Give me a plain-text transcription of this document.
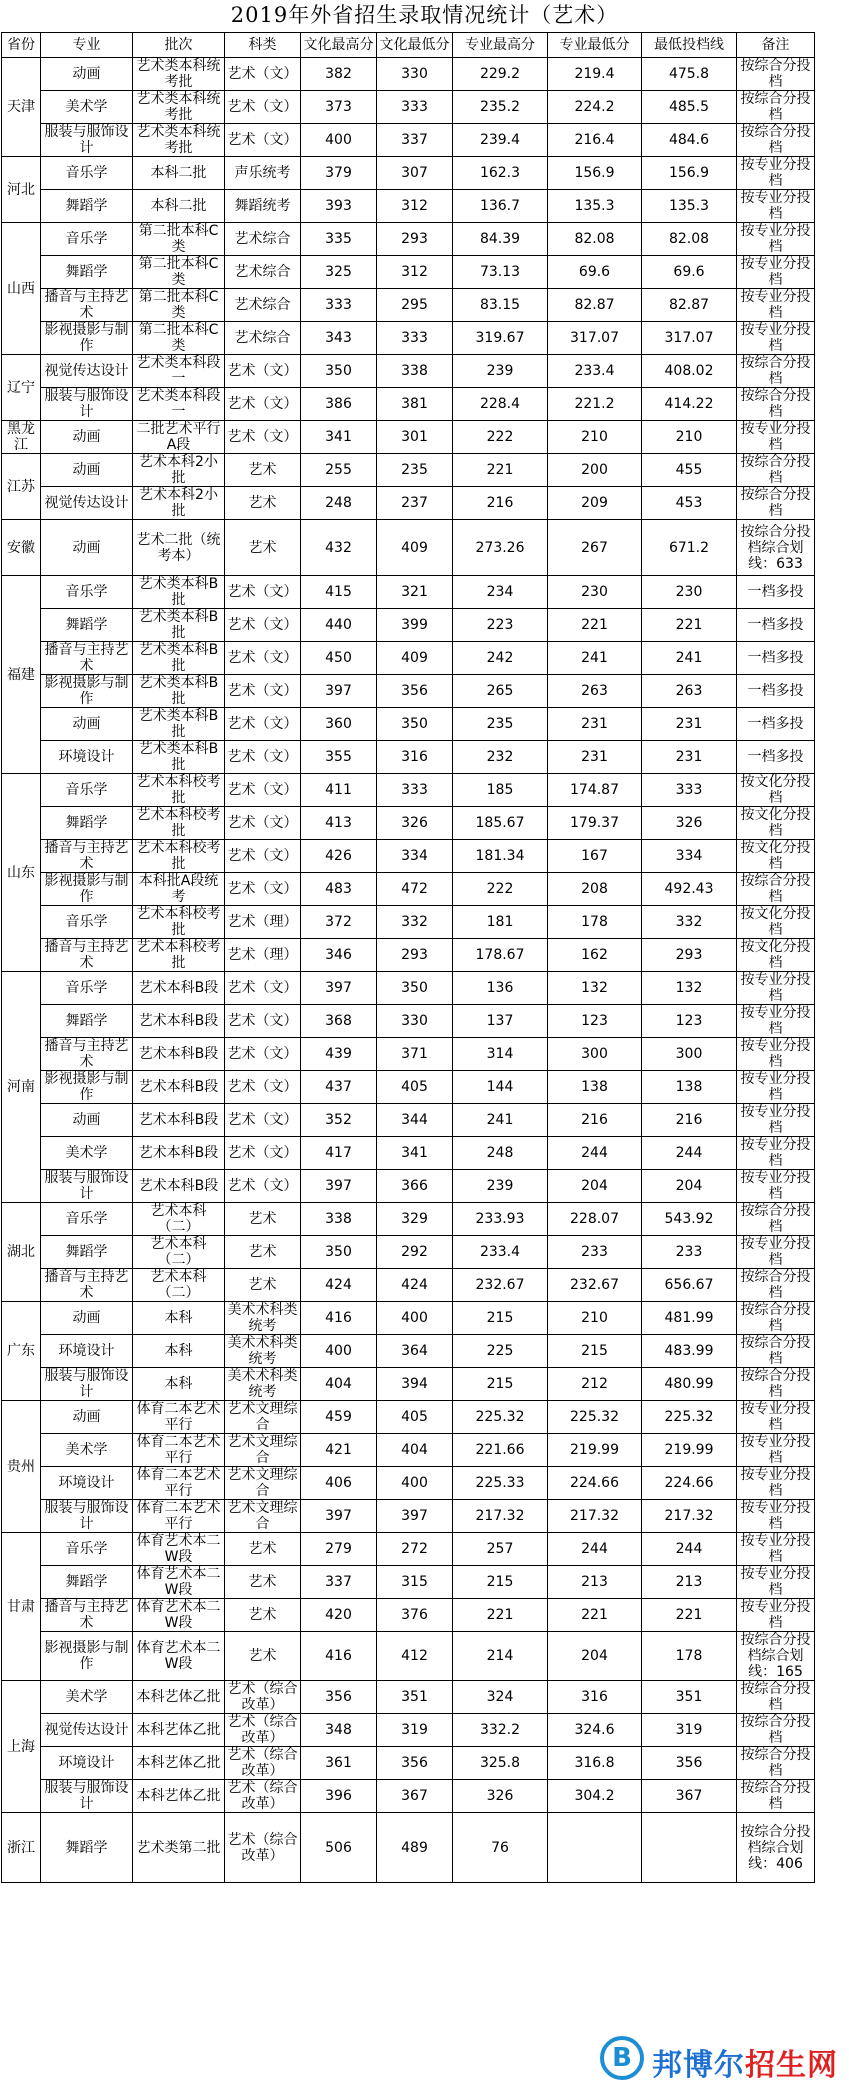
2019年外省招生录取情况统计（艺术）
省份	专业	批次	科类	文化最高分	文化最低分	专业最高分	专业最低分	最低投档线	备注
天津	动画	艺术类本科统考批	艺术（文）	382	330	229.2	219.4	475.8	按综合分投档
	美术学	艺术类本科统考批	艺术（文）	373	333	235.2	224.2	485.5	按综合分投档
	服装与服饰设计	艺术类本科统考批	艺术（文）	400	337	239.4	216.4	484.6	按综合分投档
河北	音乐学	本科二批	声乐统考	379	307	162.3	156.9	156.9	按专业分投档
	舞蹈学	本科二批	舞蹈统考	393	312	136.7	135.3	135.3	按专业分投档
山西	音乐学	第二批本科C类	艺术综合	335	293	84.39	82.08	82.08	按专业分投档
	舞蹈学	第二批本科C类	艺术综合	325	312	73.13	69.6	69.6	按专业分投档
	播音与主持艺术	第二批本科C类	艺术综合	333	295	83.15	82.87	82.87	按专业分投档
	影视摄影与制作	第二批本科C类	艺术综合	343	333	319.67	317.07	317.07	按专业分投档
辽宁	视觉传达设计	艺术类本科段一	艺术（文）	350	338	239	233.4	408.02	按综合分投档
	服装与服饰设计	艺术类本科段一	艺术（文）	386	381	228.4	221.2	414.22	按综合分投档
黑龙江	动画	二批艺术平行A段	艺术（文）	341	301	222	210	210	按专业分投档
江苏	动画	艺术本科2小批	艺术	255	235	221	200	455	按综合分投档
	视觉传达设计	艺术本科2小批	艺术	248	237	216	209	453	按综合分投档
安徽	动画	艺术二批（统考本）	艺术	432	409	273.26	267	671.2	按综合分投档综合划线：633
福建	音乐学	艺术类本科B批	艺术（文）	415	321	234	230	230	一档多投
	舞蹈学	艺术类本科B批	艺术（文）	440	399	223	221	221	一档多投
	播音与主持艺术	艺术类本科B批	艺术（文）	450	409	242	241	241	一档多投
	影视摄影与制作	艺术类本科B批	艺术（文）	397	356	265	263	263	一档多投
	动画	艺术类本科B批	艺术（文）	360	350	235	231	231	一档多投
	环境设计	艺术类本科B批	艺术（文）	355	316	232	231	231	一档多投
山东	音乐学	艺术本科校考批	艺术（文）	411	333	185	174.87	333	按文化分投档
	舞蹈学	艺术本科校考批	艺术（文）	413	326	185.67	179.37	326	按文化分投档
	播音与主持艺术	艺术本科校考批	艺术（文）	426	334	181.34	167	334	按文化分投档
	影视摄影与制作	本科批A段统考	艺术（文）	483	472	222	208	492.43	按综合分投档
	音乐学	艺术本科校考批	艺术（理）	372	332	181	178	332	按文化分投档
	播音与主持艺术	艺术本科校考批	艺术（理）	346	293	178.67	162	293	按文化分投档
河南	音乐学	艺术本科B段	艺术（文）	397	350	136	132	132	按专业分投档
	舞蹈学	艺术本科B段	艺术（文）	368	330	137	123	123	按专业分投档
	播音与主持艺术	艺术本科B段	艺术（文）	439	371	314	300	300	按专业分投档
	影视摄影与制作	艺术本科B段	艺术（文）	437	405	144	138	138	按专业分投档
	动画	艺术本科B段	艺术（文）	352	344	241	216	216	按专业分投档
	美术学	艺术本科B段	艺术（文）	417	341	248	244	244	按专业分投档
	服装与服饰设计	艺术本科B段	艺术（文）	397	366	239	204	204	按专业分投档
湖北	音乐学	艺术本科（二）	艺术	338	329	233.93	228.07	543.92	按综合分投档
	舞蹈学	艺术本科（二）	艺术	350	292	233.4	233	233	按专业分投档
	播音与主持艺术	艺术本科（二）	艺术	424	424	232.67	232.67	656.67	按综合分投档
广东	动画	本科	美术术科类统考	416	400	215	210	481.99	按综合分投档
	环境设计	本科	美术术科类统考	400	364	225	215	483.99	按综合分投档
	服装与服饰设计	本科	美术术科类统考	404	394	215	212	480.99	按综合分投档
贵州	动画	体育二本艺术平行	艺术文理综合	459	405	225.32	225.32	225.32	按专业分投档
	美术学	体育二本艺术平行	艺术文理综合	421	404	221.66	219.99	219.99	按专业分投档
	环境设计	体育二本艺术平行	艺术文理综合	406	400	225.33	224.66	224.66	按专业分投档
	服装与服饰设计	体育二本艺术平行	艺术文理综合	397	397	217.32	217.32	217.32	按专业分投档
甘肃	音乐学	体育艺术本二W段	艺术	279	272	257	244	244	按专业分投档
	舞蹈学	体育艺术本二W段	艺术	337	315	215	213	213	按专业分投档
	播音与主持艺术	体育艺术本二W段	艺术	420	376	221	221	221	按专业分投档
	影视摄影与制作	体育艺术本二W段	艺术	416	412	214	204	178	按综合分投档综合划线：165
上海	美术学	本科艺体乙批	艺术（综合改革）	356	351	324	316	351	按综合分投档
	视觉传达设计	本科艺体乙批	艺术（综合改革）	348	319	332.2	324.6	319	按综合分投档
	环境设计	本科艺体乙批	艺术（综合改革）	361	356	325.8	316.8	356	按综合分投档
	服装与服饰设计	本科艺体乙批	艺术（综合改革）	396	367	326	304.2	367	按综合分投档
浙江	舞蹈学	艺术类第二批	艺术（综合改革）	506	489	76			按综合分投档综合划线：406
B 邦博尔招生网
